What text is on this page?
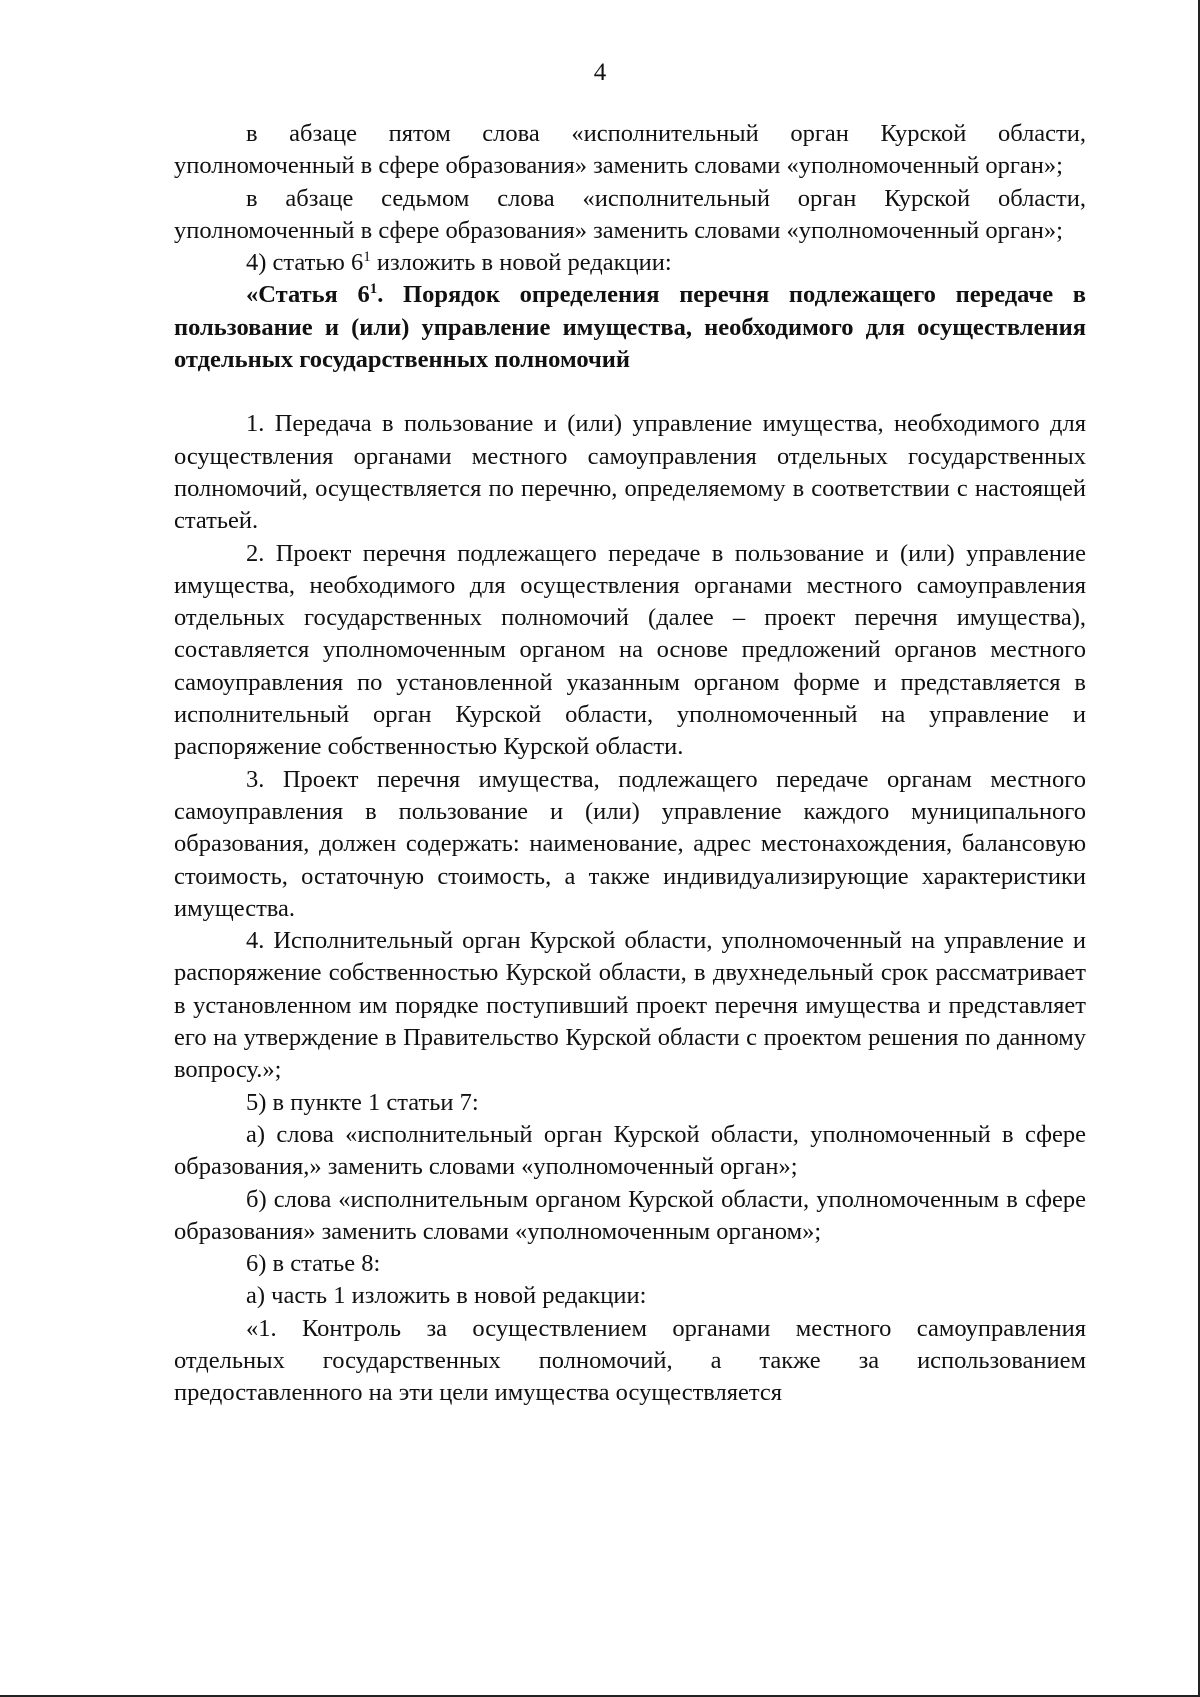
4

в абзаце пятом слова «исполнительный орган Курской области, уполномоченный в сфере образования» заменить словами «уполномоченный орган»;

в абзаце седьмом слова «исполнительный орган Курской области, уполномоченный в сфере образования» заменить словами «уполномоченный орган»;

4) статью $6^1$ изложить в новой редакции:

«Статья $6^1$. Порядок определения перечня подлежащего передаче в пользование и (или) управление имущества, необходимого для осуществления отдельных государственных полномочий

1. Передача в пользование и (или) управление имущества, необходимого для осуществления органами местного самоуправления отдельных государственных полномочий, осуществляется по перечню, определяемому в соответствии с настоящей статьей.

2. Проект перечня подлежащего передаче в пользование и (или) управление имущества, необходимого для осуществления органами местного самоуправления отдельных государственных полномочий (далее – проект перечня имущества), составляется уполномоченным органом на основе предложений органов местного самоуправления по установленной указанным органом форме и представляется в исполнительный орган Курской области, уполномоченный на управление и распоряжение собственностью Курской области.

3. Проект перечня имущества, подлежащего передаче органам местного самоуправления в пользование и (или) управление каждого муниципального образования, должен содержать: наименование, адрес местонахождения, балансовую стоимость, остаточную стоимость, а также индивидуализирующие характеристики имущества.

4. Исполнительный орган Курской области, уполномоченный на управление и распоряжение собственностью Курской области, в двухнедельный срок рассматривает в установленном им порядке поступивший проект перечня имущества и представляет его на утверждение в Правительство Курской области с проектом решения по данному вопросу.»;

5) в пункте 1 статьи 7:

а) слова «исполнительный орган Курской области, уполномоченный в сфере образования,» заменить словами «уполномоченный орган»;

б) слова «исполнительным органом Курской области, уполномоченным в сфере образования» заменить словами «уполномоченным органом»;

6) в статье 8:

а) часть 1 изложить в новой редакции:

«1. Контроль за осуществлением органами местного самоуправления отдельных государственных полномочий, а также за использованием предоставленного на эти цели имущества осуществляется
